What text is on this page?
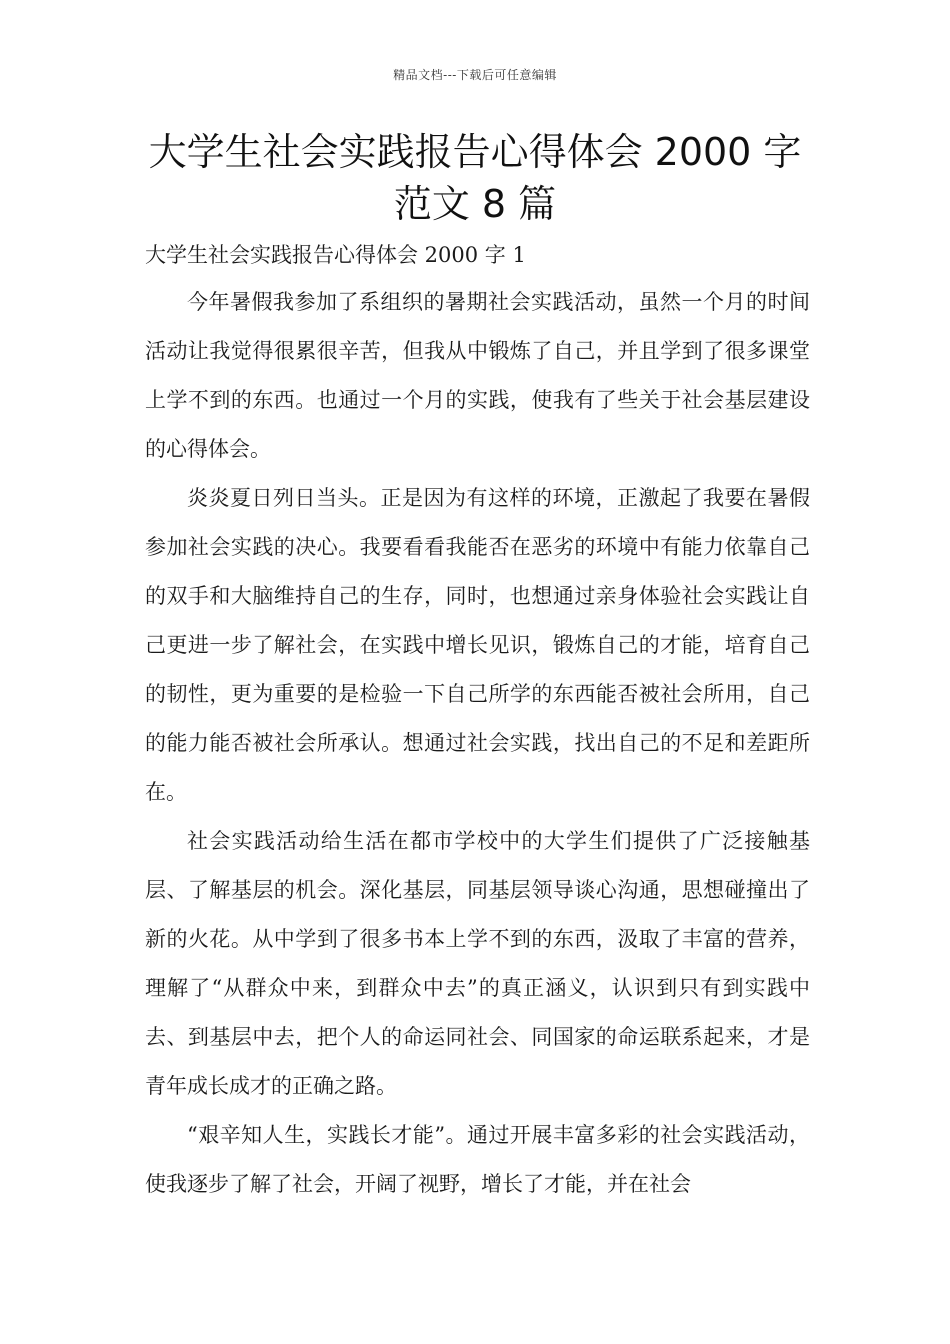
精品文档---下载后可任意编辑
大学生社会实践报告心得体会 2000 字
范文 8 篇

大学生社会实践报告心得体会 2000 字 1

今年暑假我参加了系组织的暑期社会实践活动，虽然一个月的时间活动让我觉得很累很辛苦，但我从中锻炼了自己，并且学到了很多课堂上学不到的东西。也通过一个月的实践，使我有了些关于社会基层建设的心得体会。

炎炎夏日列日当头。正是因为有这样的环境，正激起了我要在暑假参加社会实践的决心。我要看看我能否在恶劣的环境中有能力依靠自己的双手和大脑维持自己的生存，同时，也想通过亲身体验社会实践让自己更进一步了解社会，在实践中增长见识，锻炼自己的才能，培育自己的韧性，更为重要的是检验一下自己所学的东西能否被社会所用，自己的能力能否被社会所承认。想通过社会实践，找出自己的不足和差距所在。

社会实践活动给生活在都市学校中的大学生们提供了广泛接触基层、了解基层的机会。深化基层，同基层领导谈心沟通，思想碰撞出了新的火花。从中学到了很多书本上学不到的东西，汲取了丰富的营养，理解了“从群众中来，到群众中去”的真正涵义，认识到只有到实践中去、到基层中去，把个人的命运同社会、同国家的命运联系起来，才是青年成长成才的正确之路。

“艰辛知人生，实践长才能”。通过开展丰富多彩的社会实践活动，使我逐步了解了社会，开阔了视野，增长了才能，并在社会
